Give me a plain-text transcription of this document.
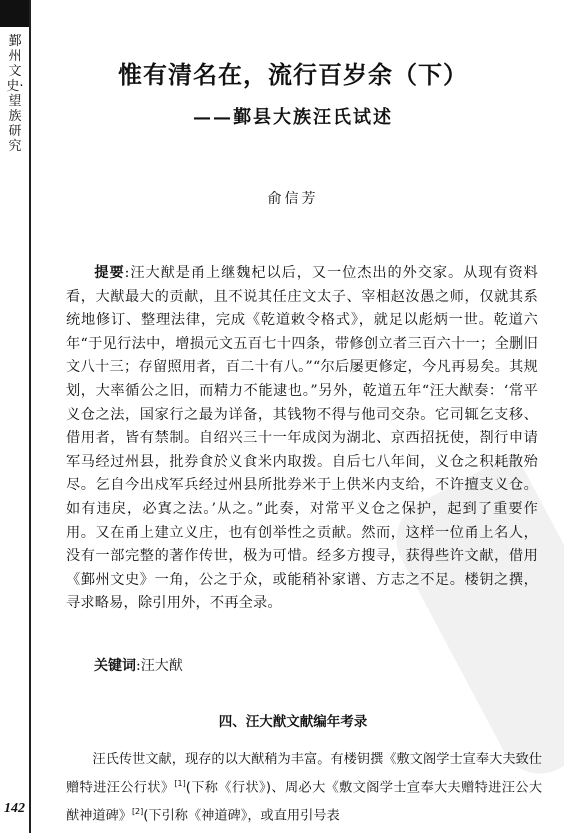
鄞州文史·望族研究
142
惟有清名在，流行百岁余（下）
——鄞县大族汪氏试述
俞信芳
提要:汪大猷是甬上继魏杞以后，又一位杰出的外交家。从现有资料看，大猷最大的贡献，且不说其任庄文太子、宰相赵汝愚之师，仅就其系统地修订、整理法律，完成《乾道敕令格式》，就足以彪炳一世。乾道六年“于见行法中，增损元文五百七十四条，带修创立者三百六十一；全删旧文八十三；存留照用者，百二十有八。”“尔后屡更修定，今凡再易矣。其规划，大率循公之旧，而精力不能逮也。”另外，乾道五年“汪大猷奏：‘常平义仓之法，国家行之最为详备，其钱物不得与他司交杂。它司辄乞支移、借用者，皆有禁制。自绍兴三十一年成闵为湖北、京西招抚使，剳行申请军马经过州县，批券食於义食米内取拨。自后七八年间，义仓之积耗散殆尽。乞自今出戍军兵经过州县所批券米于上供米内支给，不许擅支义仓。如有违戾，必寘之法。’从之。”此奏，对常平义仓之保护，起到了重要作用。又在甬上建立义庄，也有创举性之贡献。然而，这样一位甬上名人，没有一部完整的著作传世，极为可惜。经多方搜寻，获得些许文献，借用《鄞州文史》一角，公之于众，或能稍补家谱、方志之不足。楼钥之撰，寻求略易，除引用外，不再全录。
关键词:汪大猷
四、汪大猷文献编年考录
汪氏传世文献，现存的以大猷稍为丰富。有楼钥撰《敷文阁学士宣奉大夫致仕赠特进汪公行状》[1](下称《行状》)、周必大《敷文阁学士宣奉大夫赠特进汪公大猷神道碑》[2](下引称《神道碑》，或直用引号表
